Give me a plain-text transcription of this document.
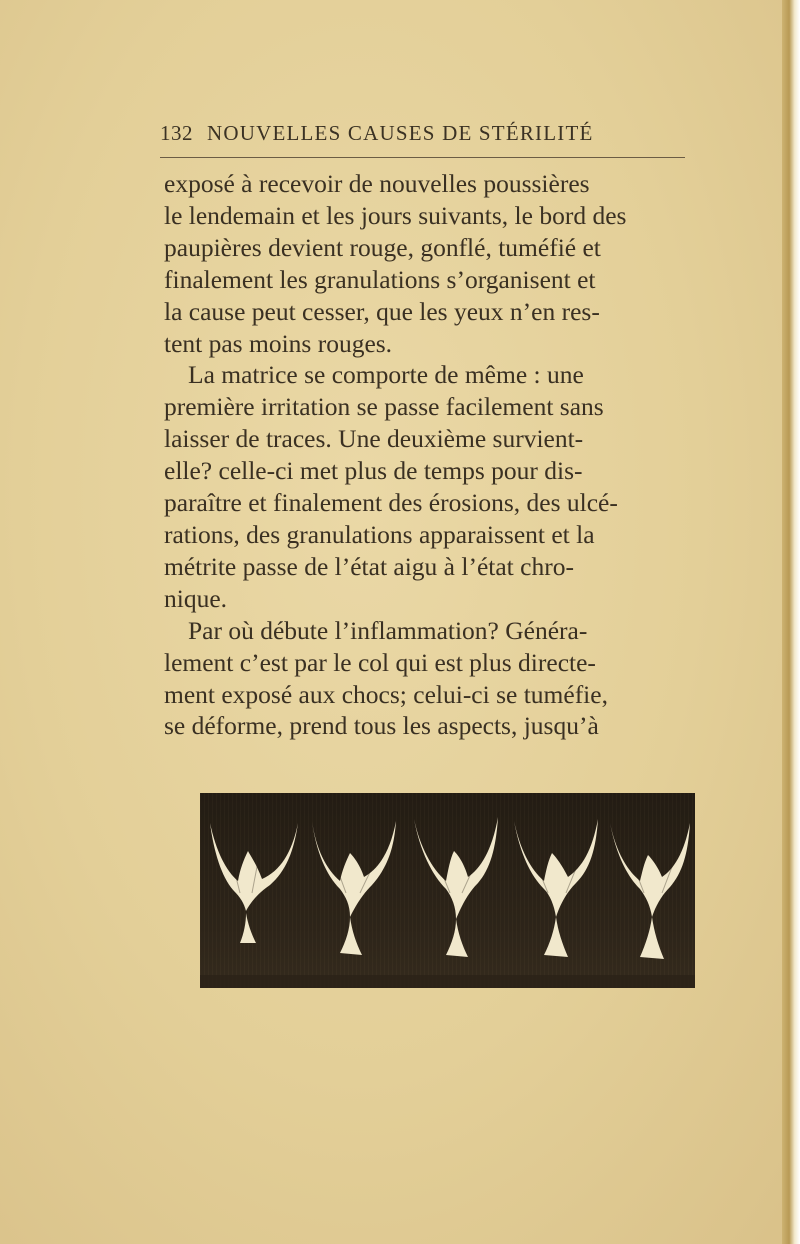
132 NOUVELLES CAUSES DE STÉRILITÉ

exposé à recevoir de nouvelles poussières
le lendemain et les jours suivants, le bord des
paupières devient rouge, gonflé, tuméfié et
finalement les granulations s’organisent et
la cause peut cesser, que les yeux n’en res-
tent pas moins rouges.

La matrice se comporte de même : une
première irritation se passe facilement sans
laisser de traces. Une deuxième survient-
elle? celle-ci met plus de temps pour dis-
paraître et finalement des érosions, des ulcé-
rations, des granulations apparaissent et la
métrite passe de l’état aigu à l’état chro-
nique.

Par où débute l’inflammation? Généra-
lement c’est par le col qui est plus directe-
ment exposé aux chocs; celui-ci se tuméfie,
se déforme, prend tous les aspects, jusqu’à
